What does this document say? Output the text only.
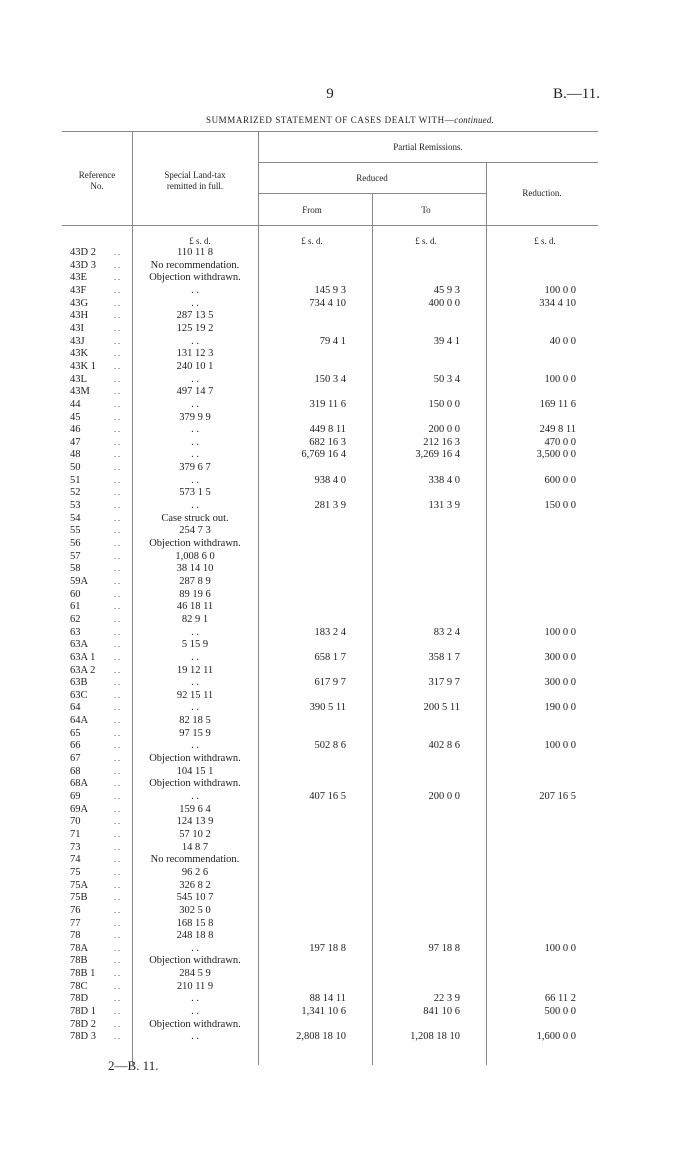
9	B.—11.
SUMMARIZED STATEMENT OF CASES DEALT WITH—continued.
Reference No.
Special Land-tax remitted in full.
Partial Remissions.
Reduced
From	To
Reduction.
£ s. d.	£ s. d.	£ s. d.	£ s. d.
43D 2	. .	110 11 8
43D 3	. .	No recommendation.
43E	. .	Objection withdrawn.
43F	. .	. .	145 9 3	45 9 3	100 0 0
43G	. .	. .	734 4 10	400 0 0	334 4 10
43H	. .	287 13 5
43I	. .	125 19 2
43J	. .	. .	79 4 1	39 4 1	40 0 0
43K	. .	131 12 3
43K 1	. .	240 10 1
43L	. .	. .	150 3 4	50 3 4	100 0 0
43M	. .	497 14 7
44	. .	. .	319 11 6	150 0 0	169 11 6
45	. .	379 9 9
46	. .	. .	449 8 11	200 0 0	249 8 11
47	. .	. .	682 16 3	212 16 3	470 0 0
48	. .	. .	6,769 16 4	3,269 16 4	3,500 0 0
50	. .	379 6 7
51	. .	. .	938 4 0	338 4 0	600 0 0
52	. .	573 1 5
53	. .	. .	281 3 9	131 3 9	150 0 0
54	. .	Case struck out.
55	. .	254 7 3
56	. .	Objection withdrawn.
57	. .	1,008 6 0
58	. .	38 14 10
59A	. .	287 8 9
60	. .	89 19 6
61	. .	46 18 11
62	. .	82 9 1
63	. .	. .	183 2 4	83 2 4	100 0 0
63A	. .	5 15 9
63A 1	. .	. .	658 1 7	358 1 7	300 0 0
63A 2	. .	19 12 11
63B	. .	. .	617 9 7	317 9 7	300 0 0
63C	. .	92 15 11
64	. .	. .	390 5 11	200 5 11	190 0 0
64A	. .	82 18 5
65	. .	97 15 9
66	. .	. .	502 8 6	402 8 6	100 0 0
67	. .	Objection withdrawn.
68	. .	104 15 1
68A	. .	Objection withdrawn.
69	. .	. .	407 16 5	200 0 0	207 16 5
69A	. .	159 6 4
70	. .	124 13 9
71	. .	57 10 2
73	. .	14 8 7
74	. .	No recommendation.
75	. .	96 2 6
75A	. .	326 8 2
75B	. .	545 10 7
76	. .	302 5 0
77	. .	168 15 8
78	. .	248 18 8
78A	. .	. .	197 18 8	97 18 8	100 0 0
78B	. .	Objection withdrawn.
78B 1	. .	284 5 9
78C	. .	210 11 9
78D	. .	. .	88 14 11	22 3 9	66 11 2
78D 1	. .	. .	1,341 10 6	841 10 6	500 0 0
78D 2	. .	Objection withdrawn.
78D 3	. .	. .	2,808 18 10	1,208 18 10	1,600 0 0
2—B. 11.
